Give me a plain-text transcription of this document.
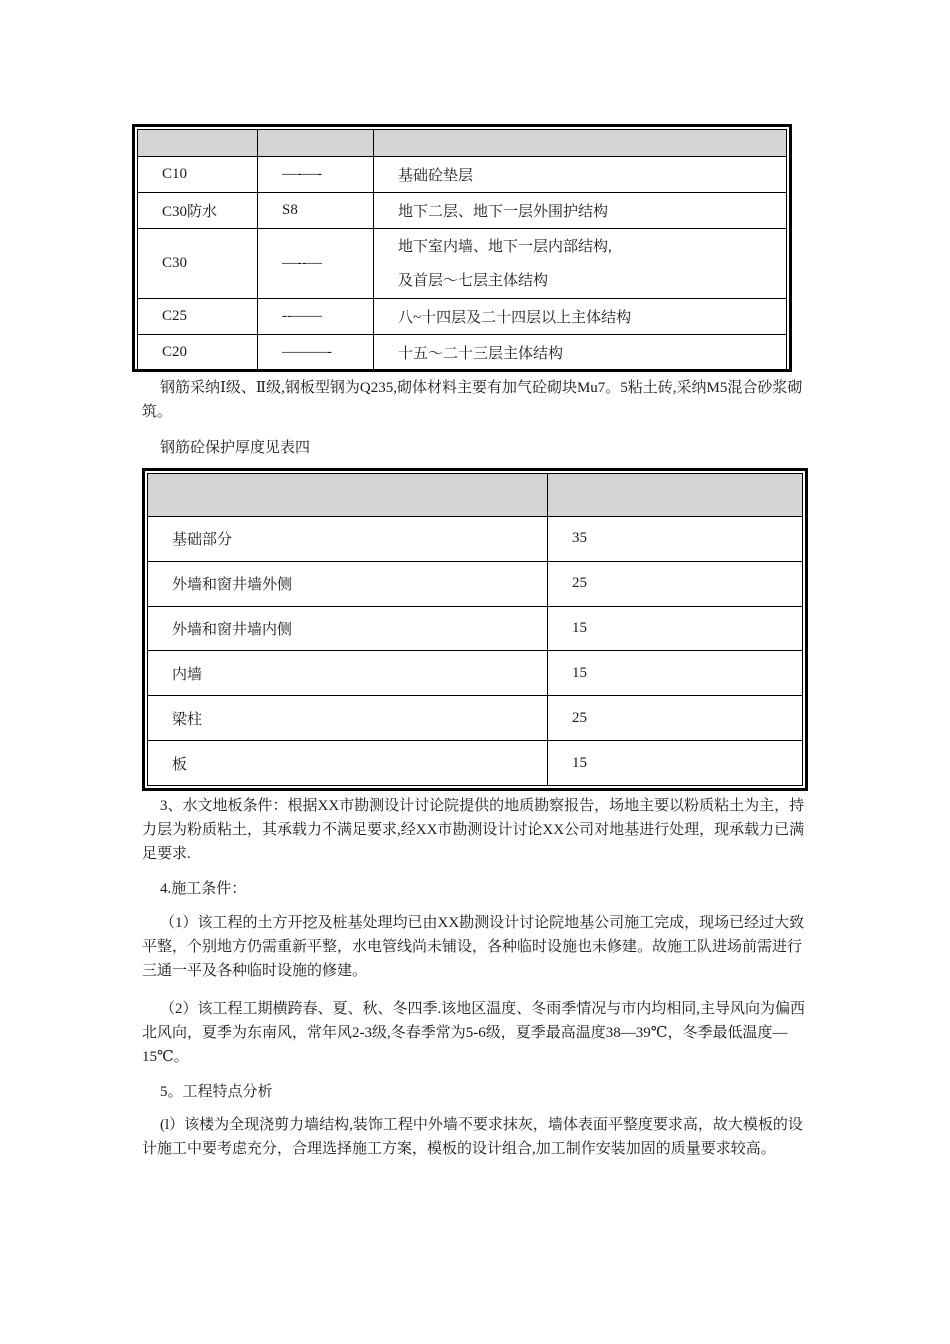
C10	—-—-	基础砼垫层
C30防水	S8	地下二层、地下一层外围护结构
C30	—--—	地下室内墙、地下一层内部结构,
及首层～七层主体结构

C25	--——	八~十四层及二十四层以上主体结构
C20	———-	十五～二十三层主体结构

钢筋采纳Ⅰ级、Ⅱ级,钢板型钢为Q235,砌体材料主要有加气砼砌块Mu7。5粘土砖,采纳M5混合砂浆砌筑。

钢筋砼保护厚度见表四

基础部分	35
外墙和窗井墙外侧	25
外墙和窗井墙内侧	15
内墙	15
梁柱	25
板	15

3、水文地板条件：根据XX市勘测设计讨论院提供的地质勘察报告，场地主要以粉质粘土为主，持力层为粉质粘土，其承载力不满足要求,经XX市勘测设计讨论XX公司对地基进行处理，现承载力已满足要求.

4.施工条件：

（1）该工程的土方开挖及桩基处理均已由XX勘测设计讨论院地基公司施工完成，现场已经过大致平整，个别地方仍需重新平整，水电管线尚未铺设，各种临时设施也未修建。故施工队进场前需进行三通一平及各种临时设施的修建。

（2）该工程工期横跨春、夏、秋、冬四季.该地区温度、冬雨季情况与市内均相同,主导风向为偏西北风向，夏季为东南风，常年风2-3级,冬春季常为5-6级，夏季最高温度38—39℃，冬季最低温度—15℃。

5。工程特点分析

(l）该楼为全现浇剪力墙结构,装饰工程中外墙不要求抹灰，墙体表面平整度要求高，故大模板的设计施工中要考虑充分，合理选择施工方案，模板的设计组合,加工制作安装加固的质量要求较高。
